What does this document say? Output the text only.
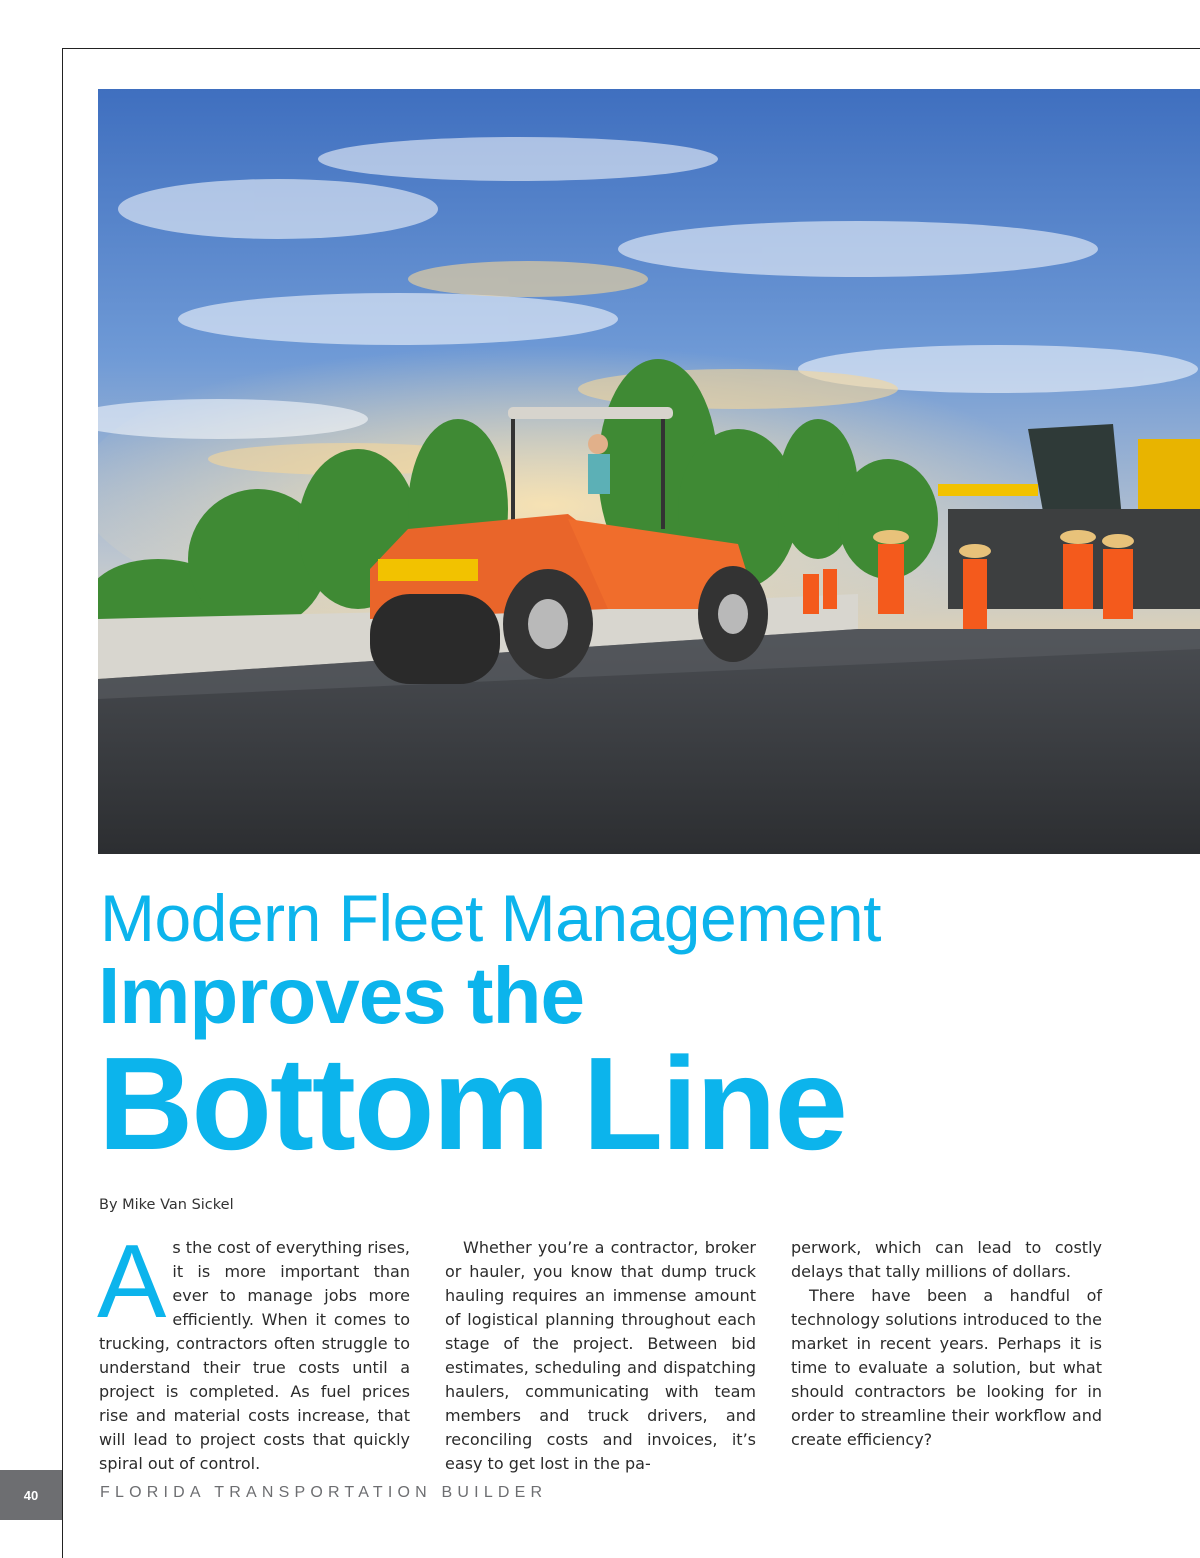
Modern Fleet Management
Improves the
Bottom Line
By Mike Van Sickel
A s the cost of everything rises, it is more important than ever to manage jobs more efficiently. When it comes to trucking, contractors often struggle to understand their true costs until a project is completed. As fuel prices rise and material costs increase, that will lead to project costs that quickly spiral out of control.

Whether you’re a contractor, broker or hauler, you know that dump truck hauling requires an immense amount of logistical planning throughout each stage of the project. Between bid estimates, scheduling and dispatching haulers, communicating with team members and truck drivers, and reconciling costs and invoices, it’s easy to get lost in the pa-

perwork, which can lead to costly delays that tally millions of dollars.

There have been a handful of technology solutions introduced to the market in recent years. Perhaps it is time to evaluate a solution, but what should contractors be looking for in order to streamline their workflow and create efficiency?

40	FLORIDA TRANSPORTATION BUILDER
